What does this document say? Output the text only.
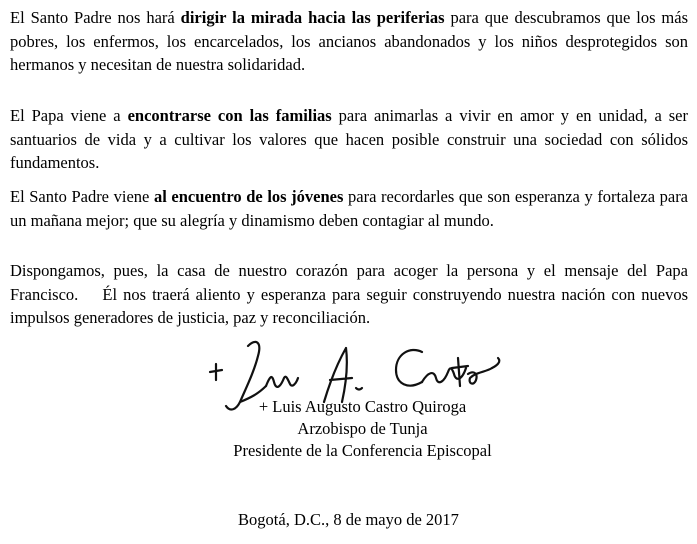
El Santo Padre nos hará dirigir la mirada hacia las periferias para que descubramos que los más pobres, los enfermos, los encarcelados, los ancianos abandonados y los niños desprotegidos son hermanos y necesitan de nuestra solidaridad.

El Papa viene a encontrarse con las familias para animarlas a vivir en amor y en unidad, a ser santuarios de vida y a cultivar los valores que hacen posible construir una sociedad con sólidos fundamentos.

El Santo Padre viene al encuentro de los jóvenes para recordarles que son esperanza y fortaleza para un mañana mejor; que su alegría y dinamismo deben contagiar al mundo.

Dispongamos, pues, la casa de nuestro corazón para acoger la persona y el mensaje del Papa Francisco.    Él nos traerá aliento y esperanza para seguir construyendo nuestra nación con nuevos impulsos generadores de justicia, paz y reconciliación.

+ Luis Augusto Castro Quiroga

Arzobispo de Tunja

Presidente de la Conferencia Episcopal

Bogotá, D.C., 8 de mayo de 2017
